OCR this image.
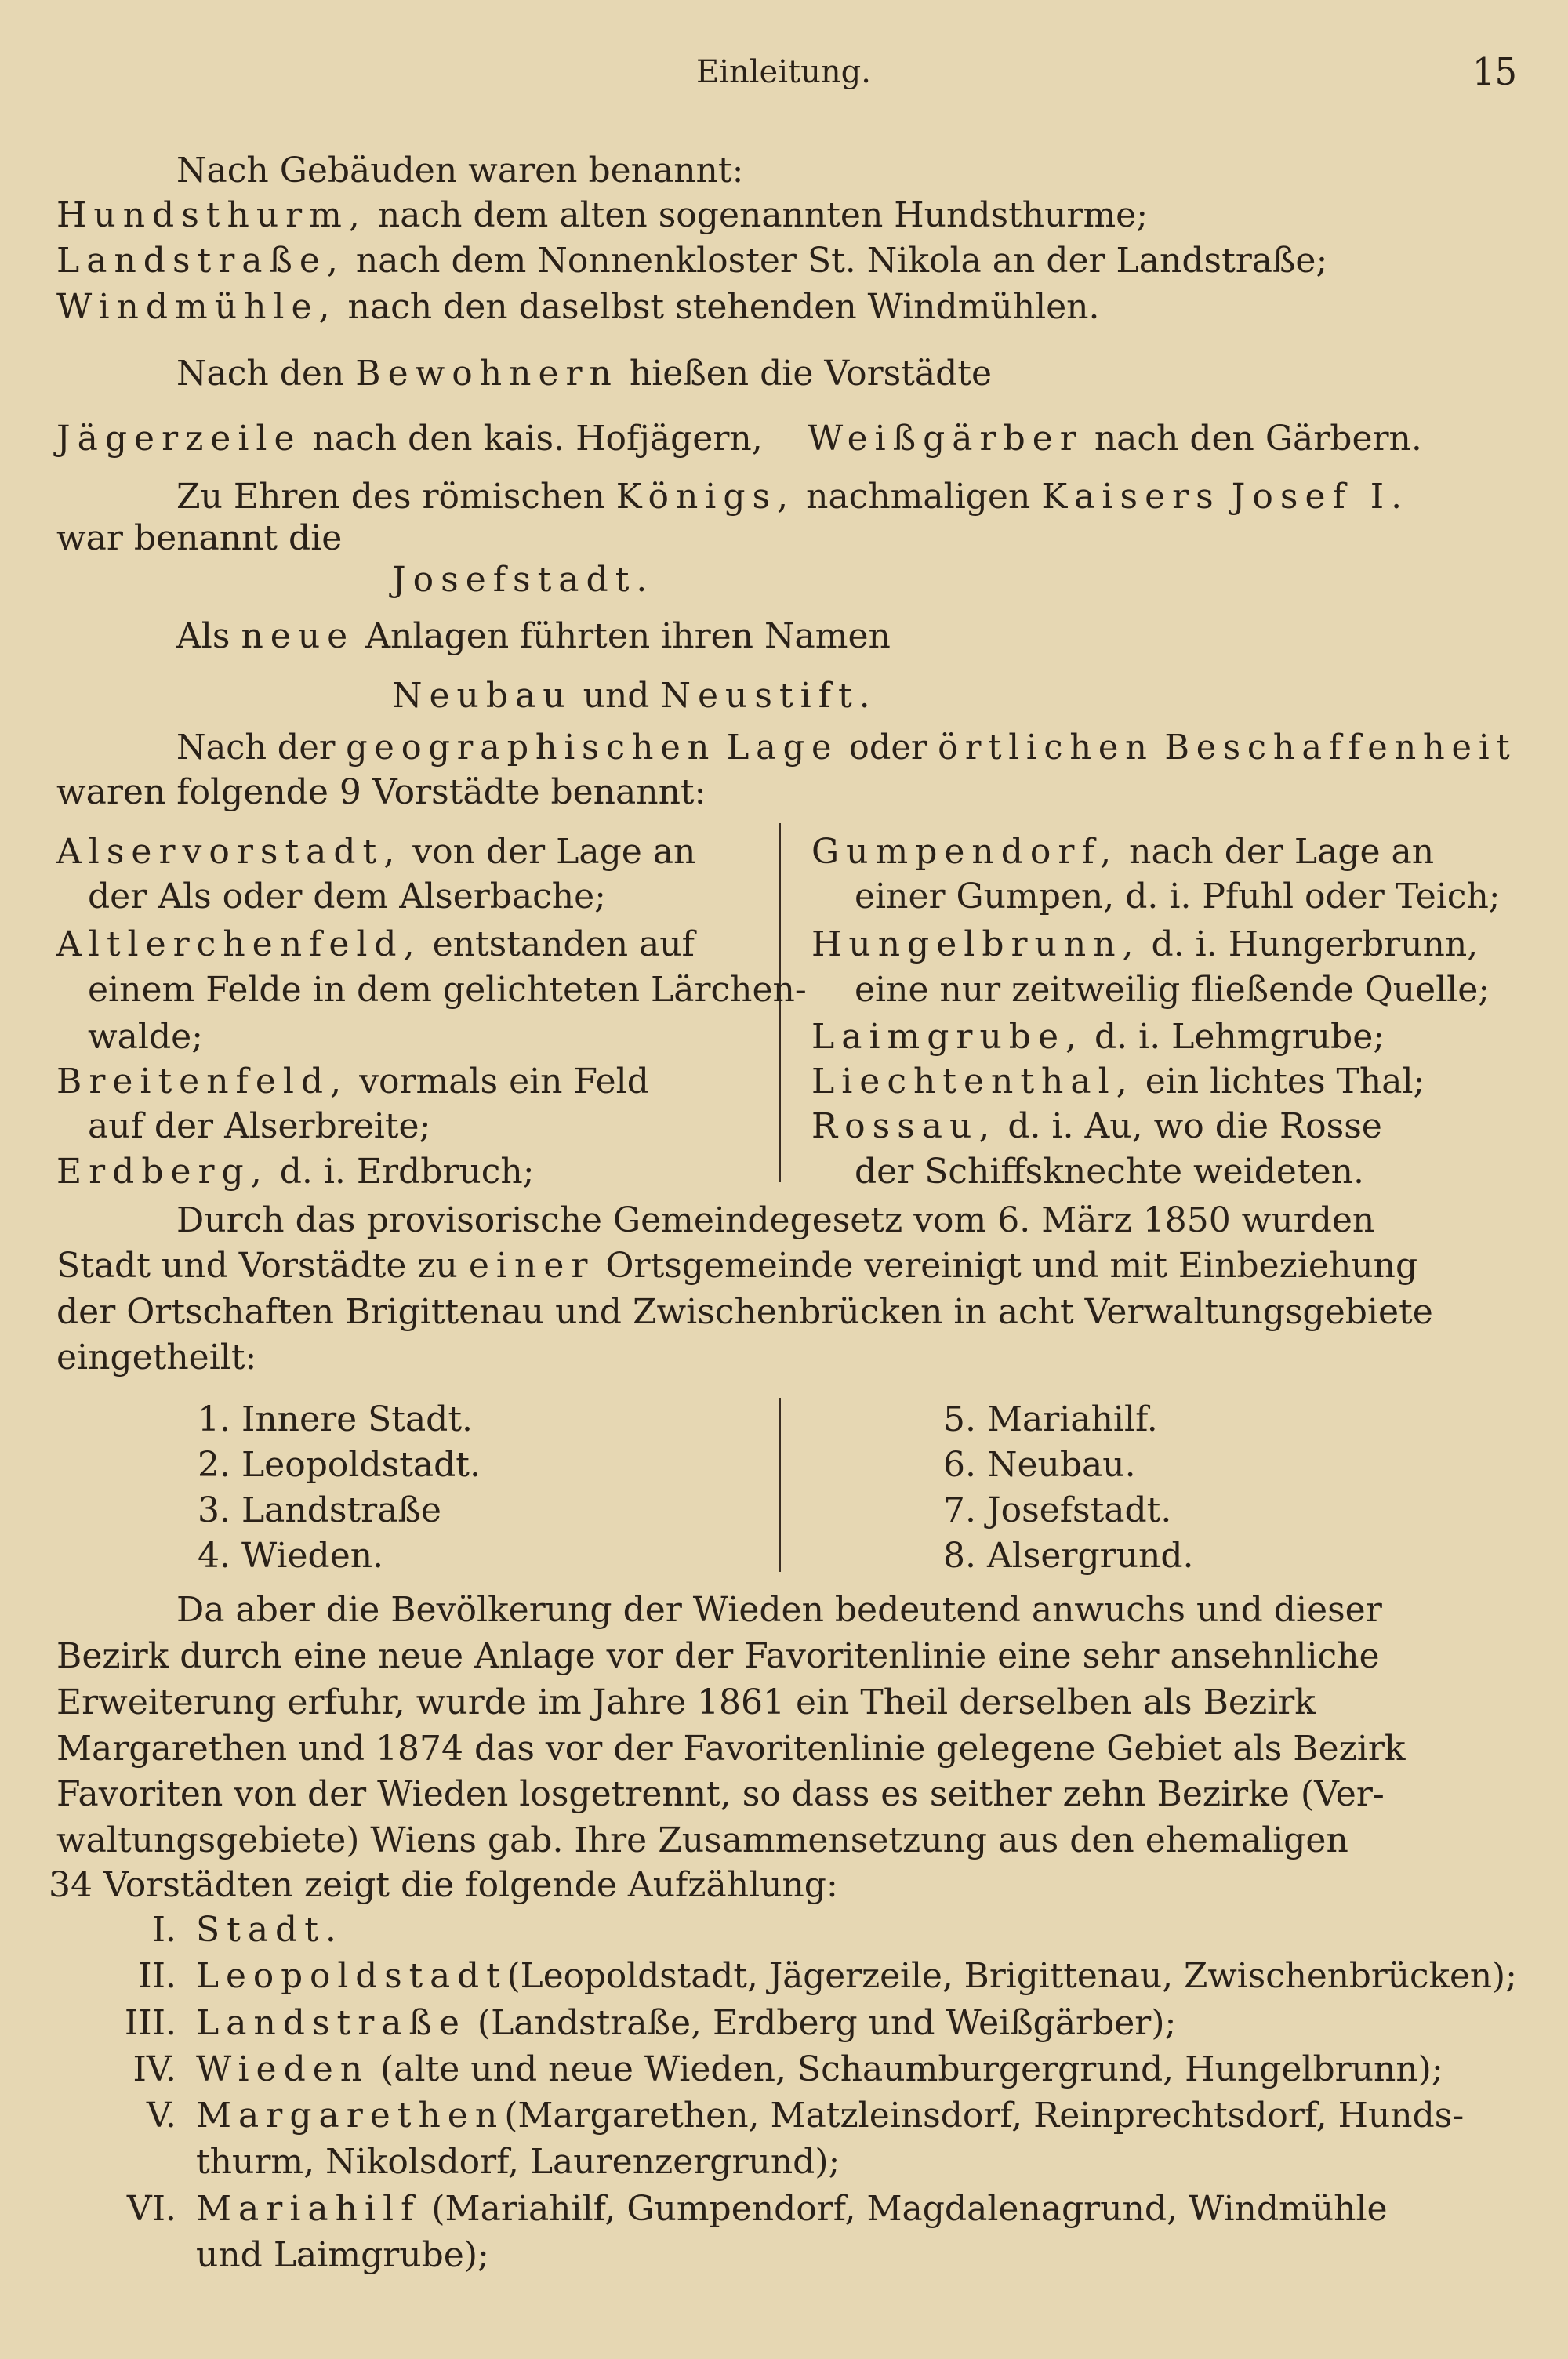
Einleitung.	15
Nach Gebäuden waren benannt:
Hundsthurm, nach dem alten sogenannten Hundsthurme;
Landstraße, nach dem Nonnenkloster St. Nikola an der Landstraße;
Windmühle, nach den daselbst stehenden Windmühlen.
Nach den Bewohnern hießen die Vorstädte
Jägerzeile nach den kais. Hofjägern, Weißgärber nach den Gärbern.
Zu Ehren des römischen Königs, nachmaligen Kaisers Josef I.
war benannt die
Josefstadt.
Als neue Anlagen führten ihren Namen
Neubau und Neustift.
Nach der geographischen Lage oder örtlichen Beschaffenheit
waren folgende 9 Vorstädte benannt:
Alservorstadt, von der Lage an
der Als oder dem Alserbache;
Altlerchenfeld, entstanden auf
einem Felde in dem gelichteten Lärchen-
walde;
Breitenfeld, vormals ein Feld
auf der Alserbreite;
Erdberg, d. i. Erdbruch;
Gumpendorf, nach der Lage an
einer Gumpen, d. i. Pfuhl oder Teich;
Hungelbrunn, d. i. Hungerbrunn,
eine nur zeitweilig fließende Quelle;
Laimgrube, d. i. Lehmgrube;
Liechtenthal, ein lichtes Thal;
Rossau, d. i. Au, wo die Rosse
der Schiffsknechte weideten.
Durch das provisorische Gemeindegesetz vom 6. März 1850 wurden
Stadt und Vorstädte zu einer Ortsgemeinde vereinigt und mit Einbeziehung
der Ortschaften Brigittenau und Zwischenbrücken in acht Verwaltungsgebiete
eingetheilt:
1. Innere Stadt.
2. Leopoldstadt.
3. Landstraße
4. Wieden.
5. Mariahilf.
6. Neubau.
7. Josefstadt.
8. Alsergrund.
Da aber die Bevölkerung der Wieden bedeutend anwuchs und dieser
Bezirk durch eine neue Anlage vor der Favoritenlinie eine sehr ansehnliche
Erweiterung erfuhr, wurde im Jahre 1861 ein Theil derselben als Bezirk
Margarethen und 1874 das vor der Favoritenlinie gelegene Gebiet als Bezirk
Favoriten von der Wieden losgetrennt, so dass es seither zehn Bezirke (Ver-
waltungsgebiete) Wiens gab. Ihre Zusammensetzung aus den ehemaligen
34 Vorstädten zeigt die folgende Aufzählung:
I. Stadt.
II. Leopoldstadt(Leopoldstadt, Jägerzeile, Brigittenau, Zwischenbrücken);
III. Landstraße (Landstraße, Erdberg und Weißgärber);
IV. Wieden (alte und neue Wieden, Schaumburgergrund, Hungelbrunn);
V. Margarethen(Margarethen, Matzleinsdorf, Reinprechtsdorf, Hunds-
thurm, Nikolsdorf, Laurenzergrund);
VI. Mariahilf (Mariahilf, Gumpendorf, Magdalenagrund, Windmühle
und Laimgrube);
